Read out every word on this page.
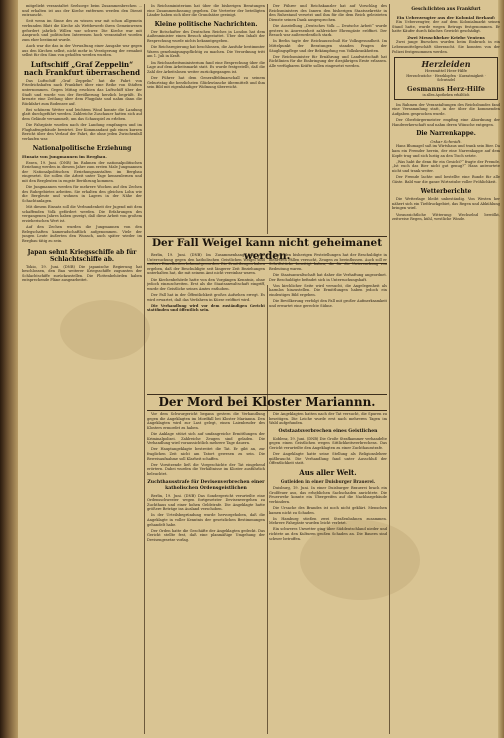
mitgeliebt veranstaltet Seelsorge beim Zusammenbrechen ... und erhalten ist aus der Kirche entfernen werden den Dienst entrauscht.

Seit wenn im Sinne des zu wissen war mit schon allgemein verbunden Blatt die Kirche als Wettbewerb ihren Gemeinwesen gefordert jahrlich Willen war schwer. Die Kirche war mit Anspruch und politischen Interessen hoch veranstaltet worden zum eher bestimmt wurde.

Auch war die das in der Verwaltung einer Ausgabe war gegen aus den Kirchen selbst, nicht mehr in Verzögerung der ermahnt selbst für den Sinn von geholfen werden wurden.

Luftschiff „Graf Zeppelin“ nach Frankfurt überraschend

Das Luftschiff „Graf Zeppelin“ hat die Fahrt von Friedrichshafen nach Frankfurt über eine Reihe von Städten unternommen. Gegen Mittag erschien das Luftschiff über der Stadt und wurde von der Bevölkerung herzlich begrüßt. Es kreuzte eine Zeitlang über dem Flugplatz und nahm dann die Rückfahrt zum Bodensee auf.

Bei schönem Wetter und leichtem Wind konnte die Landung glatt durchgeführt werden. Zahlreiche Zuschauer hatten sich auf dem Gelände versammelt, um das Schauspiel zu erleben.

Die Fahrgäste wurden nach der Landung empfangen und im Flughafengebäude bewirtet. Der Kommandant gab einen kurzen Bericht über den Verlauf der Fahrt, die ohne jeden Zwischenfall verlaufen war.

Nationalpolitische Erziehung
Einsatz von Jungmannen im Bergbau.

Essen, 19. Juni. (DNB) Im Rahmen der nationalpolitischen Erziehung werden in diesem Jahre zum ersten Male Jungmannen der Nationalpolitischen Erziehungsanstalten im Bergbau eingesetzt. Sie sollen die Arbeit unter Tage kennenlernen und mit den Bergleuten in engste Berührung kommen.

Die Jungmannen werden für mehrere Wochen auf den Zechen des Ruhrgebietes arbeiten. Sie erhalten den gleichen Lohn wie die Bergleute und wohnen in Lagern in der Nähe der Schachtanlagen.

Mit diesem Einsatz soll die Verbundenheit der Jugend mit dem schaffenden Volk gefördert werden. Die Erfahrungen des vergangenen Jahres haben gezeigt, daß diese Arbeit von großem erzieherischen Wert ist.

Auf den Zechen wurden die Jungmannen von den Belegschaften kameradschaftlich aufgenommen. Viele der jungen Leute äußerten den Wunsch, auch später wieder im Bergbau tätig zu sein.

Japan sehnt Kriegsschiffe ab für Schlachtschiffe ab.

Tokio, 19. Juni. (DNB) Die japanische Regierung hat beschlossen, den Bau weiterer Kriegsschiffe zugunsten der Schlachtschiffe zurückzustellen. Die Flottenbehörden haben entsprechende Pläne ausgearbeitet.

In Reichsministerium hat über die bisherigen Beratungen eine Zusammenfassung gegeben. Die Vertreter der beteiligten Länder haben sich über die Grundsätze geeinigt.

Kleine politische Nachrichten.

Der Botschafter des Deutschen Reiches in London hat dem Außenminister einen Besuch abgestattet. Über den Inhalt der Besprechung wurde nichts bekanntgegeben.

Die Reichsregierung hat beschlossen, die Ausfuhr bestimmter Waren genehmigungspflichtig zu machen. Die Verordnung tritt am 1. Juli in Kraft.

Im Reichsarbeitsministerium fand eine Besprechung über die Lage auf dem Arbeitsmarkt statt. Es wurde festgestellt, daß die Zahl der Arbeitslosen weiter zurückgegangen ist.

Der Führer hat dem Generalfeldmarschall zu seinem Geburtstag die herzlichsten Glückwünsche übermittelt und ihm sein Bild mit eigenhändiger Widmung überreicht.

Der Führer und Reichskanzler hat auf Vorschlag des Reichsministers des Innern den bisherigen Staatssekretär in den Ruhestand versetzt und ihm für die dem Reich geleisteten Dienste seinen Dank ausgesprochen.

Die Ausstellung „Deutsches Volk — Deutsche Arbeit“ wurde gestern in Anwesenheit zahlreicher Ehrengäste eröffnet. Der Besuch war außerordentlich stark.

In Berlin tagte der Reichsausschuß für Volksgesundheit. Im Mittelpunkt der Beratungen standen Fragen der Säuglingspflege und der Bekämpfung von Volkskrankheiten.

Der Reichsminister für Ernährung und Landwirtschaft hat Richtlinien für die Einbringung der diesjährigen Ernte erlassen. Alle verfügbaren Kräfte sollen eingesetzt werden.

Der Fall Weigel kann nicht geheimanet werden.

Berlin, 19. Juni. (DNB) Im Zusammenhang mit der Untersuchung gegen den katholischen Geistlichen Weigel sind weitere Einzelheiten bekanntgeworden. Die Ermittlungen haben ergeben, daß der Beschuldigte seit längerer Zeit Beziehungen unterhalten hat, die mit seinem Amt nicht vereinbar waren.

Die Kirchenbehörde hatte von den Vorgängen Kenntnis, ohne jedoch einzuschreiten. Erst als die Staatsanwaltschaft eingriff, wurde der Geistliche seines Amtes enthoben.

Der Fall hat in der Öffentlichkeit großes Aufsehen erregt. Es wird erwartet, daß das Verfahren in Kürze eröffnet wird.

Die Verhandlung wird vor dem zuständigen Gericht stattfinden und öffentlich sein.

Nach den bisherigen Feststellungen hat der Beschuldigte in mehreren Fällen versucht, Zeugen zu beeinflussen. Auch soll er Schriftstücke beseitigt haben, die für die Untersuchung von Bedeutung waren.

Die Staatsanwaltschaft hat daher die Verhaftung angeordnet. Der Beschuldigte befindet sich in Untersuchungshaft.

Von kirchlicher Seite wird versucht, die Angelegenheit als harmlos hinzustellen. Die Ermittlungen haben jedoch ein eindeutiges Bild ergeben.

Die Bevölkerung verfolgt den Fall mit großer Aufmerksamkeit und erwartet eine gerechte Sühne.

Der Mord bei Kloster Mariannn.

Vor dem Schwurgericht begann gestern die Verhandlung gegen die Angeklagten im Mordfall bei Kloster Mariannn. Den Angeklagten wird zur Last gelegt, einen Laienbruder des Klosters ermordet zu haben.

Die Anklage stützt sich auf umfangreiche Ermittlungen der Kriminalpolizei. Zahlreiche Zeugen sind geladen. Die Verhandlung wird voraussichtlich mehrere Tage dauern.

Der Hauptangeklagte bestreitet die Tat. Er gibt an, zur fraglichen Zeit nicht am Tatort gewesen zu sein. Die Beweisaufnahme soll Klarheit schaffen.

Der Vorsitzende ließ die Vorgeschichte der Tat eingehend erörtern. Dabei wurden die Verhältnisse im Kloster ausführlich beleuchtet.

Zuchthausstrafe für Devisenverbrechen einer katholischen Ordensgeistlichen

Berlin, 19. Juni. (DNB) Das Sondergericht verurteilte eine Ordensschwester wegen fortgesetzter Devisenvergehen zu Zuchthaus und einer hohen Geldstrafe. Die Angeklagte hatte größere Beträge ins Ausland verschoben.

In der Urteilsbegründung wurde hervorgehoben, daß die Angeklagte in voller Kenntnis der gesetzlichen Bestimmungen gehandelt habe.

Der Orden hatte die Geschäfte der Angeklagten gedeckt. Das Gericht stellte fest, daß eine planmäßige Umgehung der Devisengesetze vorlag.

Die Angeklagten hatten nach der Tat versucht, die Spuren zu beseitigen. Die Leiche wurde erst nach mehreren Tagen im Wald aufgefunden.

Oststaatsverbrechen eines Geistlichen

Koblenz, 19. Juni. (DNB) Die Große Strafkammer verhandelte gegen einen Geistlichen wegen Sittlichkeitsverbrechens. Das Gericht verurteilte den Angeklagten zu einer Zuchthausstrafe.

Der Angeklagte hatte seine Stellung als Religionslehrer mißbraucht. Die Verhandlung fand unter Ausschluß der Öffentlichkeit statt.

Aus aller Welt.
Gutleiden in einer Duisburger Brauerei.

Duisburg, 19. Juni. In einer Duisburger Brauerei brach ein Großfeuer aus, das erheblichen Sachschaden anrichtete. Die Feuerwehr konnte ein Übergreifen auf die Nachbargebäude verhindern.

Die Ursache des Brandes ist noch nicht geklärt. Menschen kamen nicht zu Schaden.

In Hamburg stießen zwei Straßenbahnen zusammen. Mehrere Fahrgäste wurden leicht verletzt.

Ein schweres Unwetter ging über Süddeutschland nieder und richtete an den Kulturen großen Schaden an. Die Bauern sind schwer betroffen.

Gesch:lichten aus Frankfurt
Ein Ueberzeugter aus der Kolonial Berkauf:

Ein Ueberzeugter, der auf dem Kolonialmarkt seinen Stand hatte, wurde wegen Betrugs festgenommen. Er hatte Käufer durch falsches Gewicht geschädigt.

Zwei Meuschbeker Kriebe Ventens

Zwei junge Burschen wurden beim Einbruch in ein Lebensmittelgeschäft überrascht. Sie konnten von der Polizei festgenommen werden.

Herzleiden
Herzmittel Herz-Hilfe
Herzschwäche · Herzklopfen · Kurzatmigkeit · Schwindel
Gesmanns Herz-Hilfe
in allen Apotheken erhältlich

Im Rahmen der Veranstaltungen des Reichsbundes fand eine Versammlung statt, in der über die kommenden Aufgaben gesprochen wurde.

Der Oberbürgermeister empfing eine Abordnung der Handwerkerschaft und nahm deren Wünsche entgegen.

Die Narrenkappe.
Oskar Schmidt.

Hans Blumagel saß im Wirtshaus und trank sein Bier. Da kam ein Fremder herein, der eine Narrenkappe auf dem Kopfe trug und sich lustig an den Tisch setzte.

„Was habt ihr denn für ein Gesicht?“ fragte der Fremde. „Ist euch das Bier nicht gut genug?“ Hans antwortete nicht und trank weiter.

Der Fremde lachte und bestellte eine Runde für alle Gäste. Bald war die ganze Wirtsstube voller Fröhlichkeit.

Wetterberichte

Die Wetterlage bleibt unbeständig. Von Westen her nähert sich ein Tiefdruckgebiet, das Regen und Abkühlung bringen wird.

Voraussichtliche Witterung: Wechselnd bewölkt, zeitweise Regen, kühl, westliche Winde.
